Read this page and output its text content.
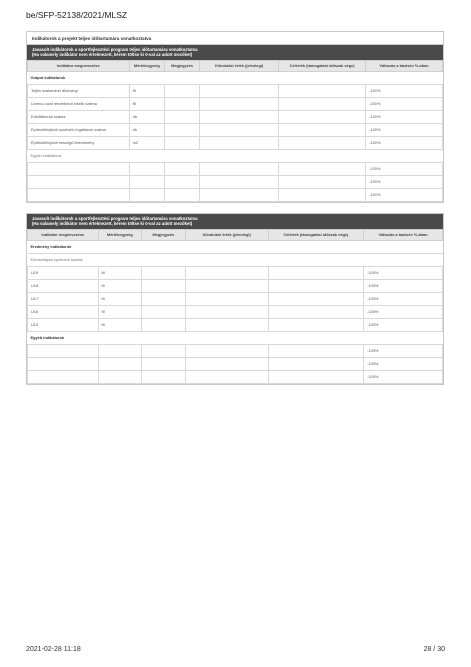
be/SFP-52138/2021/MLSZ
Indikátorok a projekt teljes időtartamára vonatkoztatva
Javasolt indikátorok a sportfejlesztési program teljes időtartamára vonatkoztatva
(Ha valamely indikátor nem értelmezett, kérem töltse ki 0-val az adott mezőket)
Indikátor megnevezése	Mértékegység	Megjegyzés	Kiindulási érték (jelenlegi)	Célérték (támogatási időszak vége)	Változás a bázisév %-ában
Output indikátorok					
Teljes szakember állomány	fő				-100%
Licenco-szal rendelkező edzők száma	fő				-100%
Edzőtáborok száma	db				-100%
Építési/felújított sportcélú ingatlanok száma	db				-100%
Építési/felújított beszögű létesítmény	m2				-100%
Egyéb indikátorok:					
					-100%
					-100%
					-100%
Javasolt indikátorok a sportfejlesztési program teljes időtartamára vonatkoztatva
(Ha valamely indikátor nem értelmezett, kérem töltse ki 0-val az adott mezőket)
Indikátor megnevezése	Mértékegység	Megjegyzés	Kiindulási érték (jelenlegi)	Célérték (támogatási időszak vége)	Változás a bázisév %-ában
Eredmény indikátorok					
Korosztályos sportolók száma:					
U19	fő				-100%
U18	fő				-100%
U17	fő				-100%
U16	fő				-100%
U15	fő				-100%
Egyéb indikátorok					
					-100%
					-100%
					-100%
2021-02-28 11:18	28 / 30
